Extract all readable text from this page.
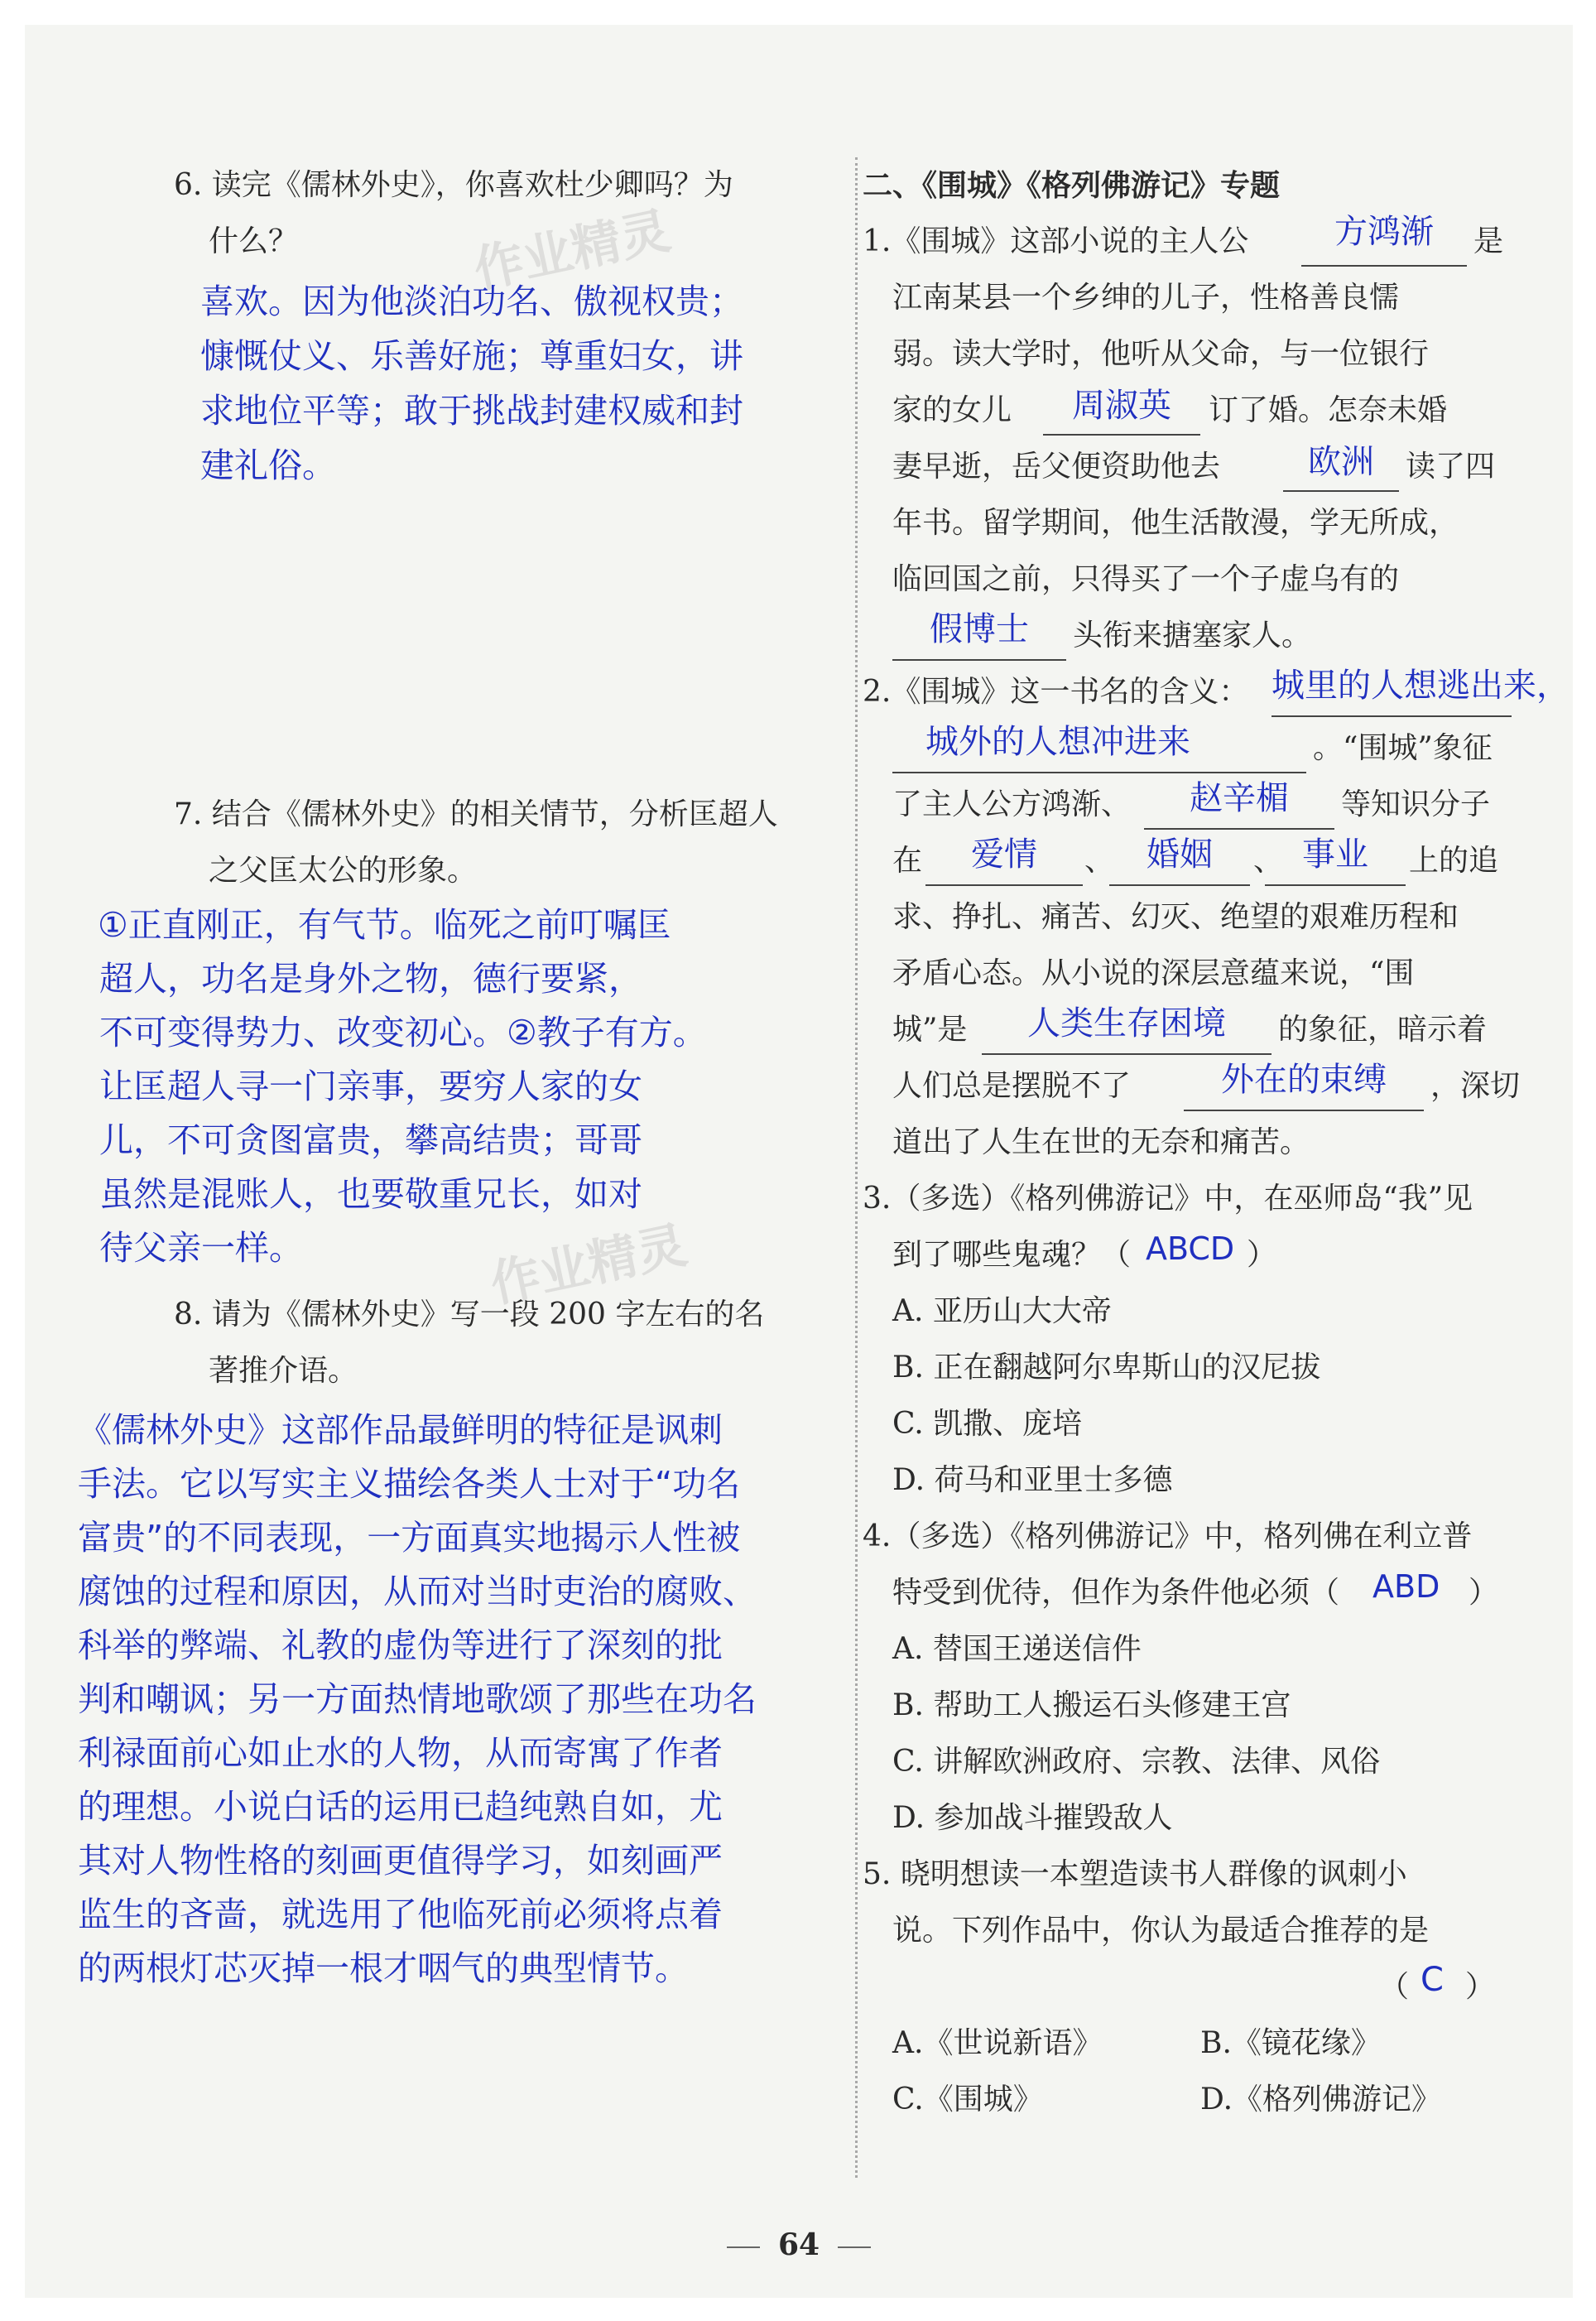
作业精灵
作业精灵
6. 读完《儒林外史》，你喜欢杜少卿吗？为
什么？
喜欢。因为他淡泊功名、傲视权贵；
慷慨仗义、乐善好施；尊重妇女，讲
求地位平等；敢于挑战封建权威和封
建礼俗。
7. 结合《儒林外史》的相关情节，分析匡超人
之父匡太公的形象。
①正直刚正，有气节。临死之前叮嘱匡
超人，功名是身外之物，德行要紧，
不可变得势力、改变初心。②教子有方。
让匡超人寻一门亲事，要穷人家的女
儿，不可贪图富贵，攀高结贵；哥哥
虽然是混账人，也要敬重兄长，如对
待父亲一样。
8. 请为《儒林外史》写一段 200 字左右的名
著推介语。
《儒林外史》这部作品最鲜明的特征是讽刺
手法。它以写实主义描绘各类人士对于“功名
富贵”的不同表现，一方面真实地揭示人性被
腐蚀的过程和原因，从而对当时吏治的腐败、
科举的弊端、礼教的虚伪等进行了深刻的批
判和嘲讽；另一方面热情地歌颂了那些在功名
利禄面前心如止水的人物，从而寄寓了作者
的理想。小说白话的运用已趋纯熟自如，尤
其对人物性格的刻画更值得学习，如刻画严
监生的吝啬，就选用了他临死前必须将点着
的两根灯芯灭掉一根才咽气的典型情节。
二、《围城》《格列佛游记》专题
1.《围城》这部小说的主人公	方鸿渐	是
江南某县一个乡绅的儿子，性格善良懦
弱。读大学时，他听从父命，与一位银行
家的女儿	周淑英	订了婚。怎奈未婚
妻早逝，岳父便资助他去	欧洲	读了四
年书。留学期间，他生活散漫，学无所成，
临回国之前，只得买了一个子虚乌有的
假博士	头衔来搪塞家人。
2.《围城》这一书名的含义： 城里的人想逃出来，
城外的人想冲进来	。“围城”象征
了主人公方鸿渐、	赵辛楣	等知识分子
在	爱情	、 婚姻	、 事业	上的追
求、挣扎、痛苦、幻灭、绝望的艰难历程和
矛盾心态。从小说的深层意蕴来说，“围
城”是	人类生存困境	的象征，暗示着
人们总是摆脱不了	外在的束缚	，深切
道出了人生在世的无奈和痛苦。
3.（多选）《格列佛游记》中，在巫师岛“我”见
到了哪些鬼魂？（ ABCD ）
A. 亚历山大大帝
B. 正在翻越阿尔卑斯山的汉尼拔
C. 凯撒、庞培
D. 荷马和亚里士多德
4.（多选）《格列佛游记》中，格列佛在利立普
特受到优待，但作为条件他必须（ ABD ）
A. 替国王递送信件
B. 帮助工人搬运石头修建王宫
C. 讲解欧洲政府、宗教、法律、风俗
D. 参加战斗摧毁敌人
5. 晓明想读一本塑造读书人群像的讽刺小
说。下列作品中，你认为最适合推荐的是
（ C ）
A.《世说新语》	B.《镜花缘》
C.《围城》	D.《格列佛游记》
64
